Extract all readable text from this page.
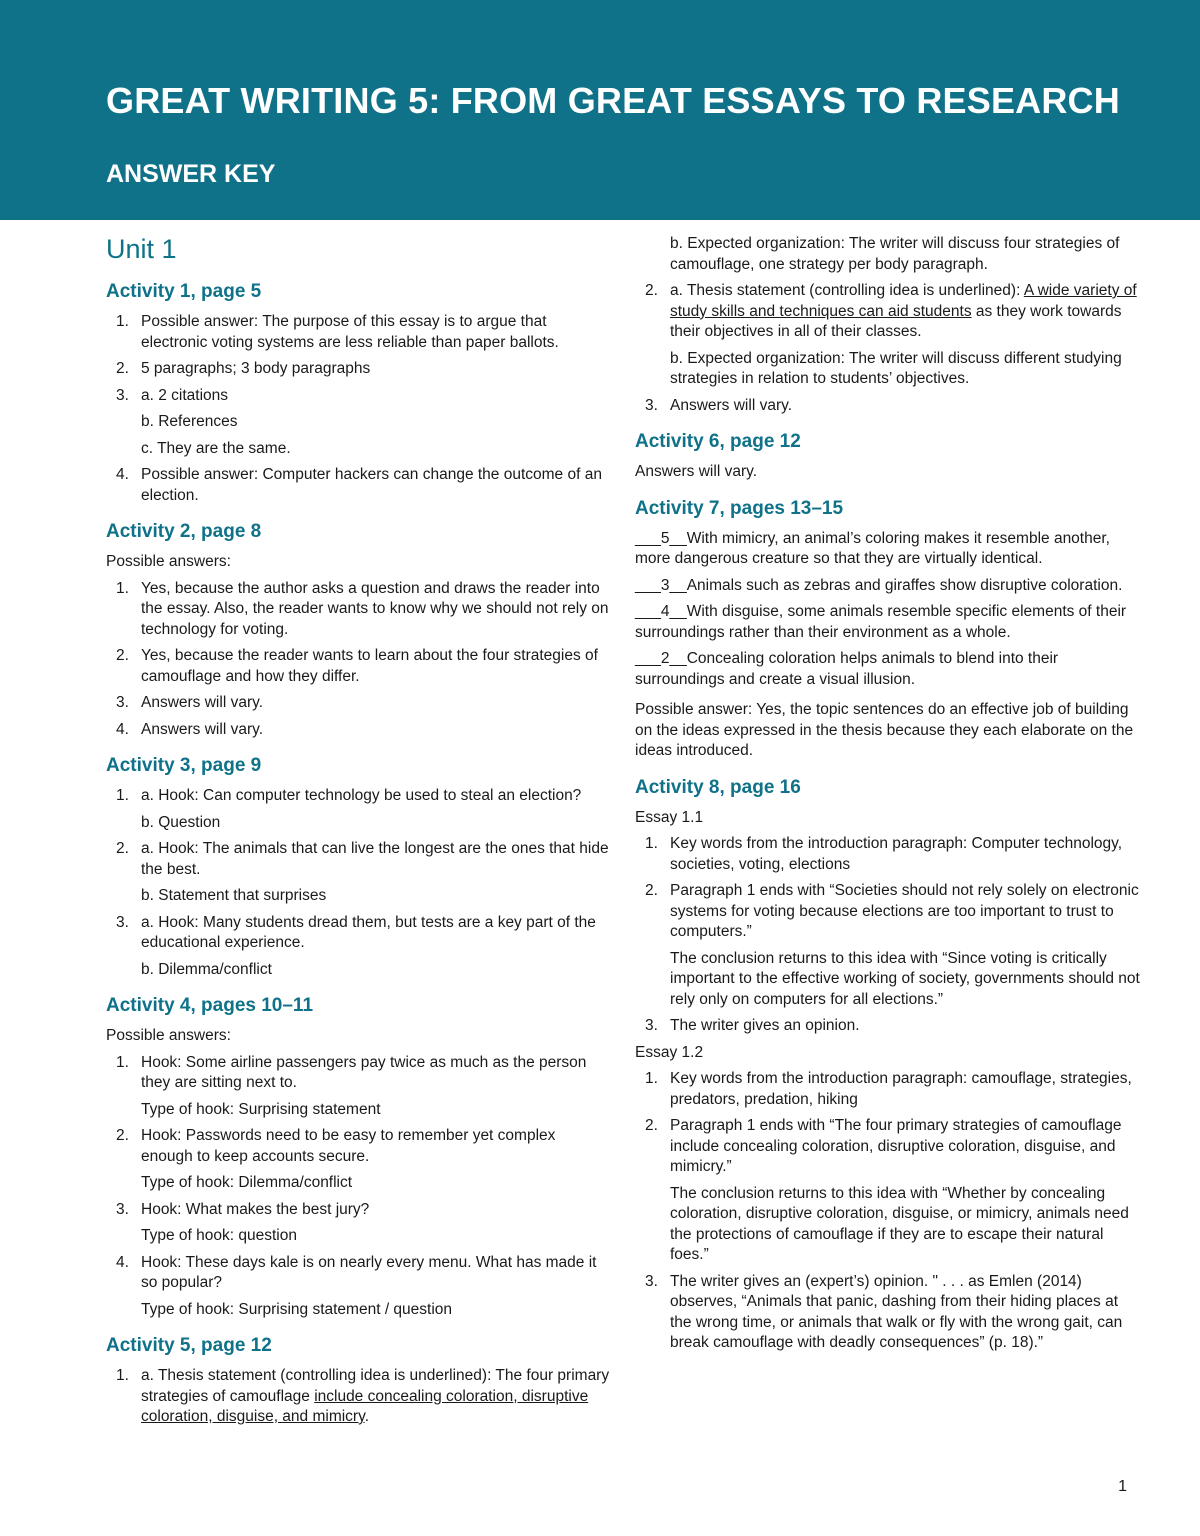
GREAT WRITING 5: FROM GREAT ESSAYS TO RESEARCH
ANSWER KEY
Unit 1
Activity 1, page 5
1. Possible answer: The purpose of this essay is to argue that electronic voting systems are less reliable than paper ballots.
2. 5 paragraphs; 3 body paragraphs
3. a. 2 citations
b. References
c. They are the same.
4. Possible answer: Computer hackers can change the outcome of an election.
Activity 2, page 8

Possible answers:

1. Yes, because the author asks a question and draws the reader into the essay. Also, the reader wants to know why we should not rely on technology for voting.
2. Yes, because the reader wants to learn about the four strategies of camouflage and how they differ.
3. Answers will vary.
4. Answers will vary.
Activity 3, page 9
1. a. Hook: Can computer technology be used to steal an election?
b. Question
2. a. Hook: The animals that can live the longest are the ones that hide the best.
b. Statement that surprises
3. a. Hook: Many students dread them, but tests are a key part of the educational experience.
b. Dilemma/conflict
Activity 4, pages 10–11

Possible answers:

1. Hook: Some airline passengers pay twice as much as the person they are sitting next to.
Type of hook: Surprising statement
2. Hook: Passwords need to be easy to remember yet complex enough to keep accounts secure.
Type of hook: Dilemma/conflict
3. Hook: What makes the best jury?
Type of hook: question
4. Hook: These days kale is on nearly every menu. What has made it so popular?
Type of hook: Surprising statement / question
Activity 5, page 12
1. a. Thesis statement (controlling idea is underlined): The four primary strategies of camouflage include concealing coloration, disruptive coloration, disguise, and mimicry.
b. Expected organization: The writer will discuss four strategies of camouflage, one strategy per body paragraph.
2. a. Thesis statement (controlling idea is underlined): A wide variety of study skills and techniques can aid students as they work towards their objectives in all of their classes.
b. Expected organization: The writer will discuss different studying strategies in relation to students’ objectives.
3. Answers will vary.
Activity 6, page 12

Answers will vary.

Activity 7, pages 13–15

___5__With mimicry, an animal’s coloring makes it resemble another, more dangerous creature so that they are virtually identical.

___3__Animals such as zebras and giraffes show disruptive coloration.

___4__With disguise, some animals resemble specific elements of their surroundings rather than their environment as a whole.

___2__Concealing coloration helps animals to blend into their surroundings and create a visual illusion.

Possible answer: Yes, the topic sentences do an effective job of building on the ideas expressed in the thesis because they each elaborate on the ideas introduced.

Activity 8, page 16

Essay 1.1

1. Key words from the introduction paragraph: Computer technology, societies, voting, elections
2. Paragraph 1 ends with “Societies should not rely solely on electronic systems for voting because elections are too important to trust to computers.”
The conclusion returns to this idea with “Since voting is critically important to the effective working of society, governments should not rely only on computers for all elections.”
3. The writer gives an opinion.

Essay 1.2

1. Key words from the introduction paragraph: camouflage, strategies, predators, predation, hiking
2. Paragraph 1 ends with “The four primary strategies of camouflage include concealing coloration, disruptive coloration, disguise, and mimicry.”
The conclusion returns to this idea with “Whether by concealing coloration, disruptive coloration, disguise, or mimicry, animals need the protections of camouflage if they are to escape their natural foes.”
3. The writer gives an (expert’s) opinion. " . . . as Emlen (2014) observes, “Animals that panic, dashing from their hiding places at the wrong time, or animals that walk or fly with the wrong gait, can break camouflage with deadly consequences” (p. 18).”
1
